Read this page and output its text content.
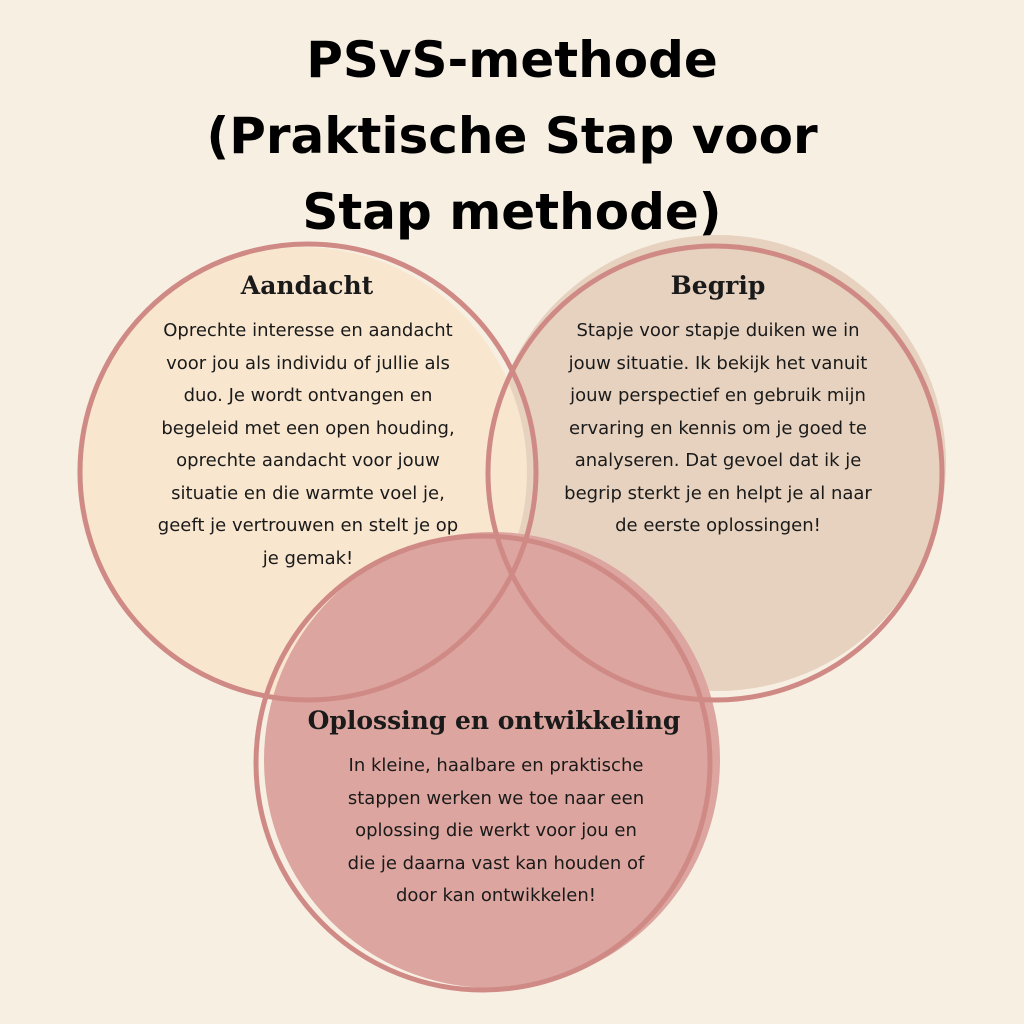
PSvS-methode
(Praktische Stap voor
Stap methode)
Aandacht
Oprechte interesse en aandacht
voor jou als individu of jullie als
duo. Je wordt ontvangen en
begeleid met een open houding,
oprechte aandacht voor jouw
situatie en die warmte voel je,
geeft je vertrouwen en stelt je op
je gemak!
Begrip
Stapje voor stapje duiken we in
jouw situatie. Ik bekijk het vanuit
jouw perspectief en gebruik mijn
ervaring en kennis om je goed te
analyseren. Dat gevoel dat ik je
begrip sterkt je en helpt je al naar
de eerste oplossingen!
Oplossing en ontwikkeling
In kleine, haalbare en praktische
stappen werken we toe naar een
oplossing die werkt voor jou en
die je daarna vast kan houden of
door kan ontwikkelen!
